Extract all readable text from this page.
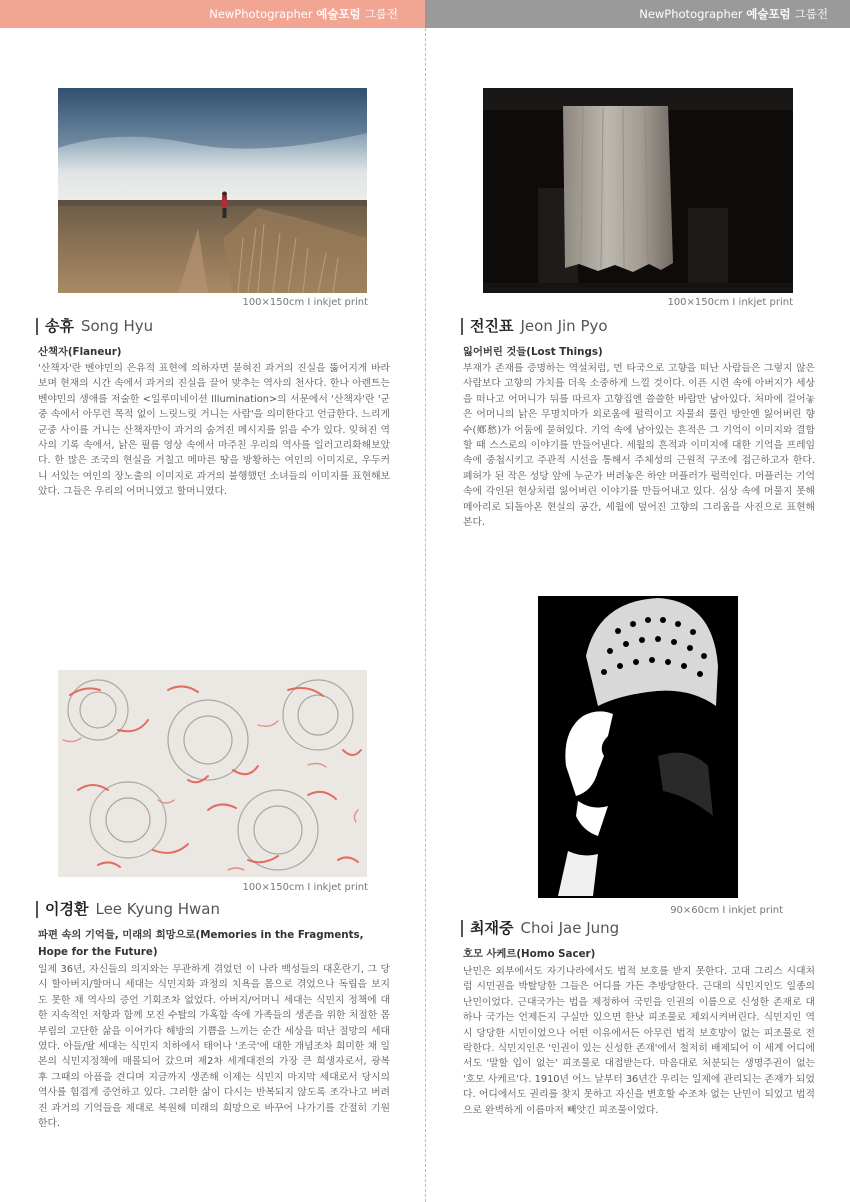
NewPhotographer
예술포럼 그룹전	NewPhotographer
예술포럼 그룹전
100×150cm I inkjet print
송휴 Song Hyu
산책자(Flaneur)

'산책자'란 벤야민의 은유적 표현에 의하자면 묻혀진 과거의 진실을 뚫어지게 바라보며 현재의 시간 속에서 과거의 진실을 끌어 맞추는 역사의 천사다. 한나 아렌트는 벤야민의 생애를 저술한 <일루미네이션 Illumination>의 서문에서 '산책자'란 '군중 속에서 아무런 목적 없이 느릿느릿 거니는 사람'을 의미한다고 언급한다. 느리게 군중 사이를 거니는 산책자만이 과거의 숨겨진 메시지를 읽을 수가 있다. 잊혀진 역사의 기록 속에서, 낡은 필름 영상 속에서 마주친 우리의 역사를 일러고리화해보았다. 한 많은 조국의 현실을 거칠고 메마른 땅을 방황하는 여인의 이미지로, 우두커니 서있는 여인의 장노출의 이미지로 과거의 불행했던 소녀들의 이미지를 표현해보았다. 그들은 우리의 어머니였고 할머니였다.

100×150cm I inkjet print
전진표 Jeon Jin Pyo
잃어버린 것들(Lost Things)

부재가 존재를 증명하는 역설처럼, 먼 타국으로 고향을 떠난 사람들은 그렇지 않은 사람보다 고향의 가치를 더욱 소중하게 느낄 것이다. 이픈 시련 속에 아버지가 세상을 떠나고 어머니가 뒤를 따르자 고향집엔 쓸쓸한 바람만 남아있다. 처마에 걸어놓은 어머니의 낡은 무명치마가 외로움에 펄럭이고 자물쇠 풀린 방안엔 잃어버린 향수(鄕愁)가 어둠에 묻혀있다. 기억 속에 남아있는 흔적은 그 기억이 이미지와 결합할 때 스스로의 이야기를 만들어낸다. 세월의 흔적과 이미지에 대한 기억을 프레임 속에 중첩시키고 주관적 시선을 통해서 주체성의 근원적 구조에 접근하고자 한다. 폐허가 된 작은 성당 앞에 누군가 버려놓은 하얀 머플러가 펄럭인다. 머플러는 기억 속에 각인된 현상처럼 잃어버린 이야기를 만들어내고 있다. 심상 속에 머물지 못해 메아리로 되돌아온 현실의 공간, 세월에 덮어진 고향의 그리움을 사진으로 표현해본다.

100×150cm I inkjet print
이경환 Lee Kyung Hwan
파편 속의 기억들, 미래의 희망으로(Memories in the Fragments, Hope for the Future)

일제 36년, 자신들의 의지와는 무관하게 겪었던 이 나라 백성들의 대혼란기, 그 당시 할아버지/할머니 세대는 식민지화 과정의 치욕을 몸으로 겪었으나 독립을 보지도 못한 채 역사의 증언 기회조차 없었다. 아버지/어머니 세대는 식민지 정책에 대한 지속적인 저항과 함께 모진 수탈의 가혹함 속에 가족들의 생존을 위한 처절한 몸부림의 고단한 삶을 이어가다 해방의 기쁨을 느끼는 순간 세상을 떠난 절망의 세대였다. 아들/딸 세대는 식민지 치하에서 태어나 '조국'에 대한 개념조차 희미한 채 일본의 식민지정책에 매몰되어 갔으며 제2차 세계대전의 가장 큰 희생자로서, 광복 후 그때의 아픔을 견디며 지금까지 생존해 이제는 식민지 마지막 세대로서 당시의 역사를 힘겹게 증언하고 있다. 그러한 삶이 다시는 반복되지 않도록 조각나고 버려진 과거의 기억들을 제대로 복원해 미래의 희망으로 바꾸어 나가기를 간절히 기원한다.

90×60cm I inkjet print
최재중 Choi Jae Jung
호모 사케르(Homo Sacer)

난민은 외부에서도 자기나라에서도 법적 보호를 받지 못한다. 고대 그리스 시대처럼 시민권을 박탈당한 그들은 어디를 가든 추방당한다. 근대의 식민지인도 일종의 난민이었다. 근대국가는 법을 제정하여 국민을 인권의 이름으로 신성한 존재로 대하나 국가는 언제든지 구실만 있으면 한낫 피조물로 제외시켜버린다. 식민지인 역시 당당한 시민이었으나 어떤 이유에서든 아무런 법적 보호망이 없는 피조물로 전락한다. 식민지인은 '인권이 있는 신성한 존재'에서 철저히 배제되어 이 세계 어디에서도 '말할 입이 없는' 피조물로 대접받는다. 마음대로 처분되는 생명주권이 없는 '호모 사케르'다. 1910년 어느 날부터 36년간 우리는 일제에 관리되는 존재가 되었다. 어디에서도 권리를 찾지 못하고 자신을 변호할 수조차 없는 난민이 되었고 법적으로 완벽하게 이름마저 빼앗긴 피조물이었다.
